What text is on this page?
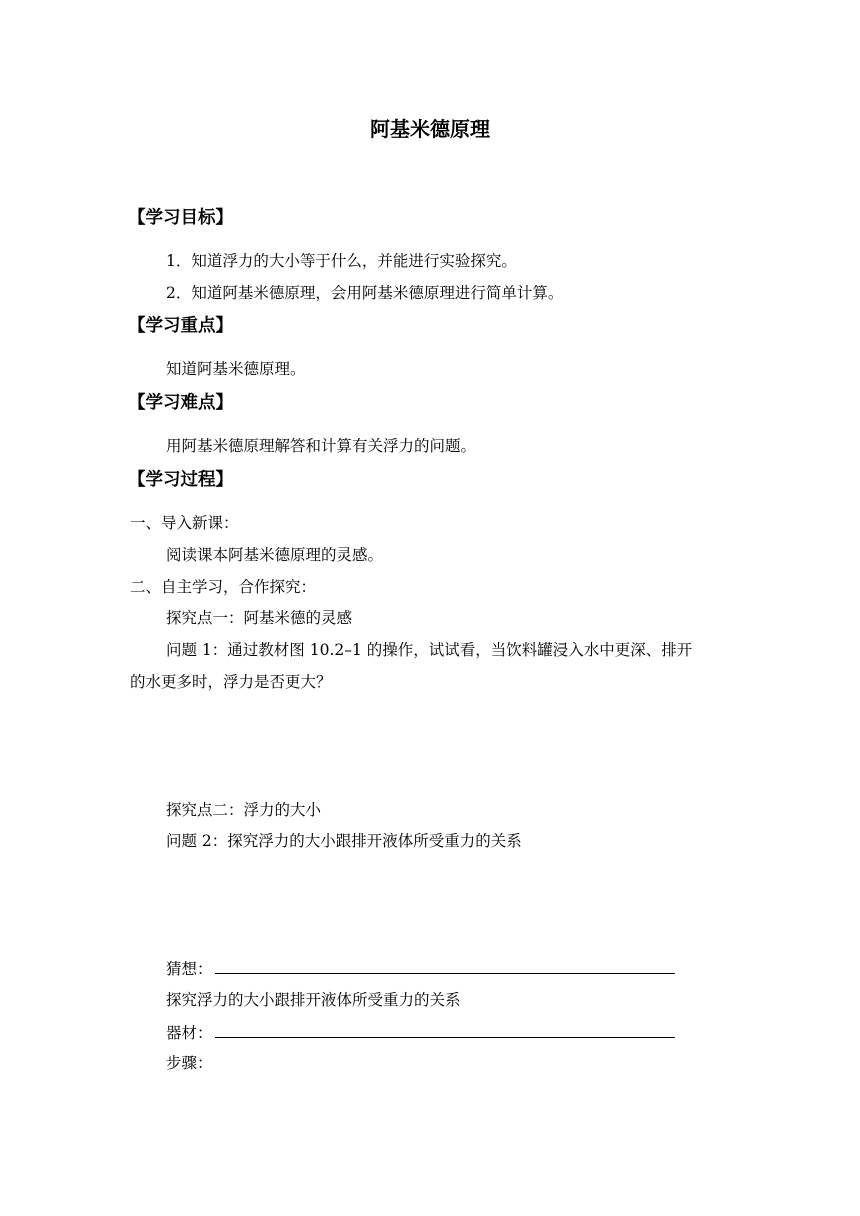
阿基米德原理
【学习目标】
1．知道浮力的大小等于什么，并能进行实验探究。
2．知道阿基米德原理，会用阿基米德原理进行简单计算。
【学习重点】
知道阿基米德原理。
【学习难点】
用阿基米德原理解答和计算有关浮力的问题。
【学习过程】
一、导入新课：
阅读课本阿基米德原理的灵感。
二、自主学习，合作探究：
探究点一：阿基米德的灵感
问题 1：通过教材图 10.2–1 的操作，试试看，当饮料罐浸入水中更深、排开
的水更多时，浮力是否更大？
探究点二：浮力的大小
问题 2：探究浮力的大小跟排开液体所受重力的关系
猜想：
探究浮力的大小跟排开液体所受重力的关系
器材：
步骤：
